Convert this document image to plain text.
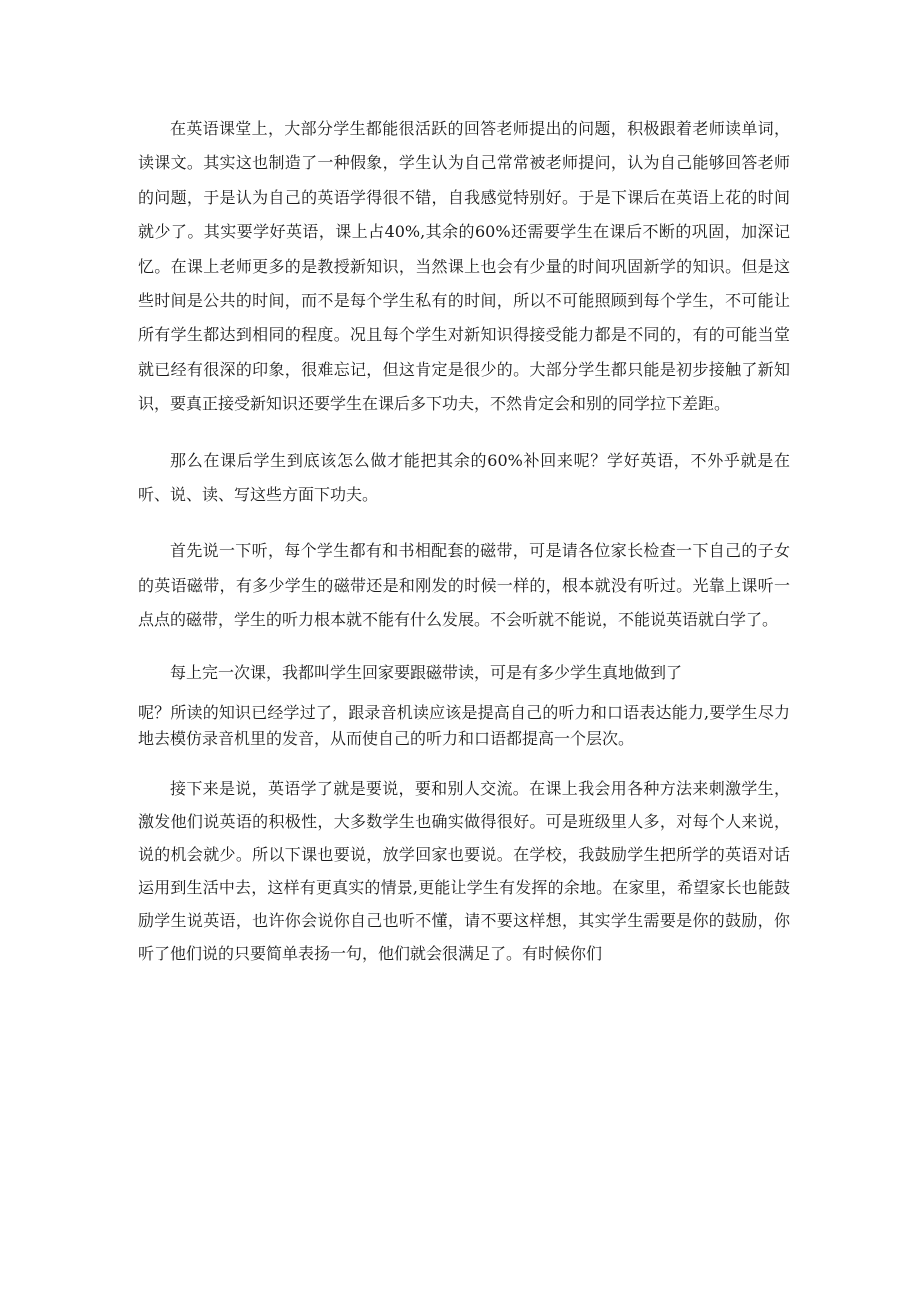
在英语课堂上，大部分学生都能很活跃的回答老师提出的问题，积极跟着老师读单词，读课文。其实这也制造了一种假象，学生认为自己常常被老师提问，认为自己能够回答老师的问题，于是认为自己的英语学得很不错，自我感觉特别好。于是下课后在英语上花的时间就少了。其实要学好英语，课上占40%,其余的60%还需要学生在课后不断的巩固，加深记忆。在课上老师更多的是教授新知识，当然课上也会有少量的时间巩固新学的知识。但是这些时间是公共的时间，而不是每个学生私有的时间，所以不可能照顾到每个学生，不可能让所有学生都达到相同的程度。况且每个学生对新知识得接受能力都是不同的，有的可能当堂就已经有很深的印象，很难忘记，但这肯定是很少的。大部分学生都只能是初步接触了新知识，要真正接受新知识还要学生在课后多下功夫，不然肯定会和别的同学拉下差距。

那么在课后学生到底该怎么做才能把其余的60%补回来呢？学好英语，不外乎就是在听、说、读、写这些方面下功夫。

首先说一下听，每个学生都有和书相配套的磁带，可是请各位家长检查一下自己的子女的英语磁带，有多少学生的磁带还是和刚发的时候一样的，根本就没有听过。光靠上课听一点点的磁带，学生的听力根本就不能有什么发展。不会听就不能说，不能说英语就白学了。

每上完一次课，我都叫学生回家要跟磁带读，可是有多少学生真地做到了

呢？所读的知识已经学过了，跟录音机读应该是提高自己的听力和口语表达能力,要学生尽力地去模仿录音机里的发音，从而使自己的听力和口语都提高一个层次。

接下来是说，英语学了就是要说，要和别人交流。在课上我会用各种方法来刺激学生，激发他们说英语的积极性，大多数学生也确实做得很好。可是班级里人多，对每个人来说，说的机会就少。所以下课也要说，放学回家也要说。在学校，我鼓励学生把所学的英语对话运用到生活中去，这样有更真实的情景,更能让学生有发挥的余地。在家里，希望家长也能鼓励学生说英语，也许你会说你自己也听不懂，请不要这样想，其实学生需要是你的鼓励，你听了他们说的只要简单表扬一句，他们就会很满足了。有时候你们
